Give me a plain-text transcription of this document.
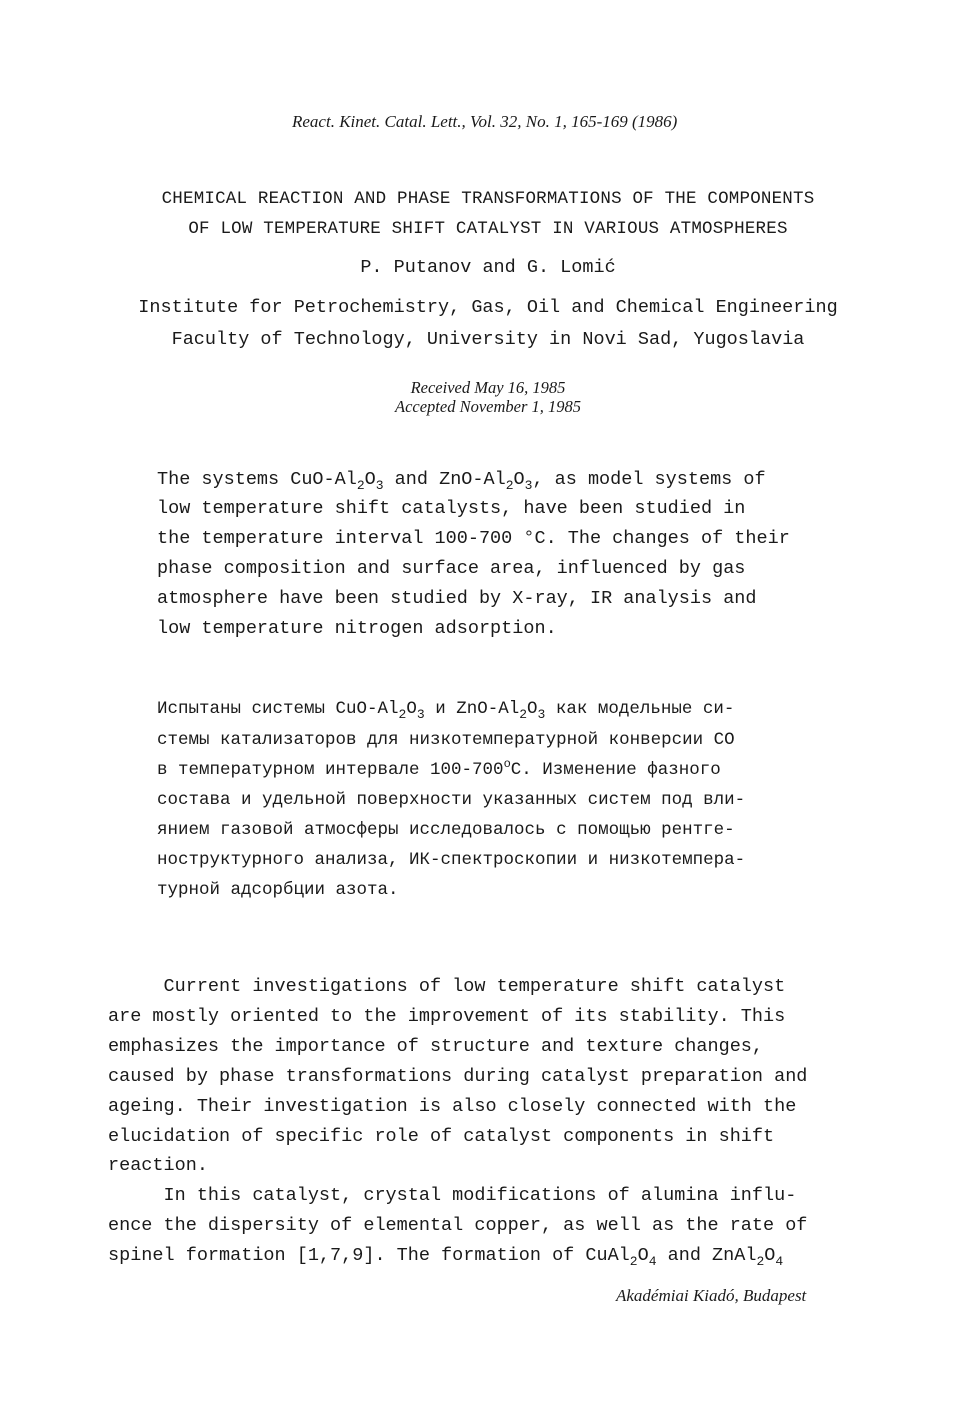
React. Kinet. Catal. Lett., Vol. 32, No. 1, 165-169 (1986)
CHEMICAL REACTION AND PHASE TRANSFORMATIONS OF THE COMPONENTS
OF LOW TEMPERATURE SHIFT CATALYST IN VARIOUS ATMOSPHERES
P. Putanov and G. Lomić
Institute for Petrochemistry, Gas, Oil and Chemical Engineering
Faculty of Technology, University in Novi Sad, Yugoslavia
Received May 16, 1985
Accepted November 1, 1985
The systems CuO-$Al_2O_3$ and ZnO-$Al_2O_3$, as model systems of
low temperature shift catalysts, have been studied in
the temperature interval 100-700 °C. The changes of their
phase composition and surface area, influenced by gas
atmosphere have been studied by X-ray, IR analysis and
low temperature nitrogen adsorption.
Испытаны системы CuO-$Al_2O_3$ и ZnO-$Al_2O_3$ как модельные си-
стемы катализаторов для низкотемпературной конверсии CO
в температурном интервале 100-700$^o$C. Изменение фазного
состава и удельной поверхности указанных систем под вли-
янием газовой атмосферы исследовалось с помощью рентге-
ноструктурного анализа, ИК-спектроскопии и низкотемпера-
турной адсорбции азота.
Current investigations of low temperature shift catalyst
are mostly oriented to the improvement of its stability. This
emphasizes the importance of structure and texture changes,
caused by phase transformations during catalyst preparation and
ageing. Their investigation is also closely connected with the
elucidation of specific role of catalyst components in shift
reaction.
In this catalyst, crystal modifications of alumina influ-
ence the dispersity of elemental copper, as well as the rate of
spinel formation [1,7,9]. The formation of $CuAl_2O_4$ and $ZnAl_2O_4$
Akadémiai Kiadó, Budapest
